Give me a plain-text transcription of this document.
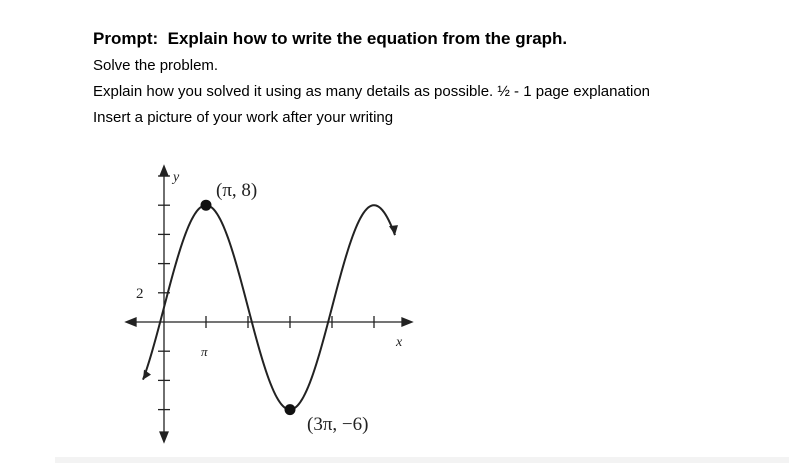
Prompt: Explain how to write the equation from the graph.

Solve the problem.

Explain how you solved it using as many details as possible. ½ - 1 page explanation

Insert a picture of your work after your writing

y
x
2
π
(π, 8)
(3π, −6)
